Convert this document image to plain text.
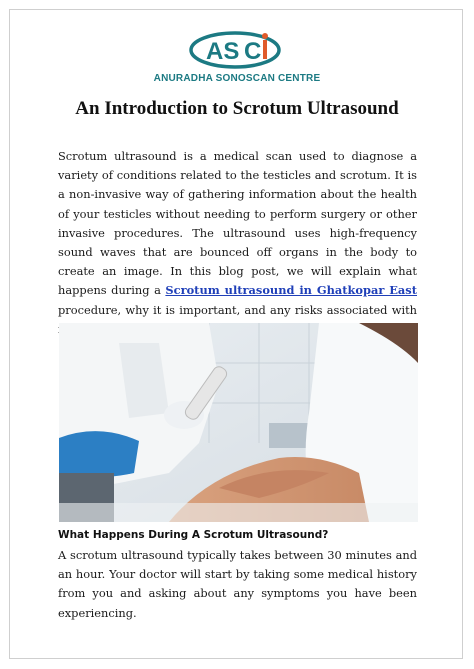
AS C
ANURADHA SONOSCAN CENTRE
An Introduction to Scrotum Ultrasound

Scrotum ultrasound is a medical scan used to diagnose a variety of conditions related to the testicles and scrotum. It is a non-invasive way of gathering information about the health of your testicles without needing to perform surgery or other invasive procedures. The ultrasound uses high-frequency sound waves that are bounced off organs in the body to create an image. In this blog post, we will explain what happens during a Scrotum ultrasound in Ghatkopar East procedure, why it is important, and any risks associated with

What Happens During A Scrotum Ultrasound?

A scrotum ultrasound typically takes between 30 minutes and an hour. Your doctor will start by taking some medical history from you and asking about any symptoms you have been experiencing.
